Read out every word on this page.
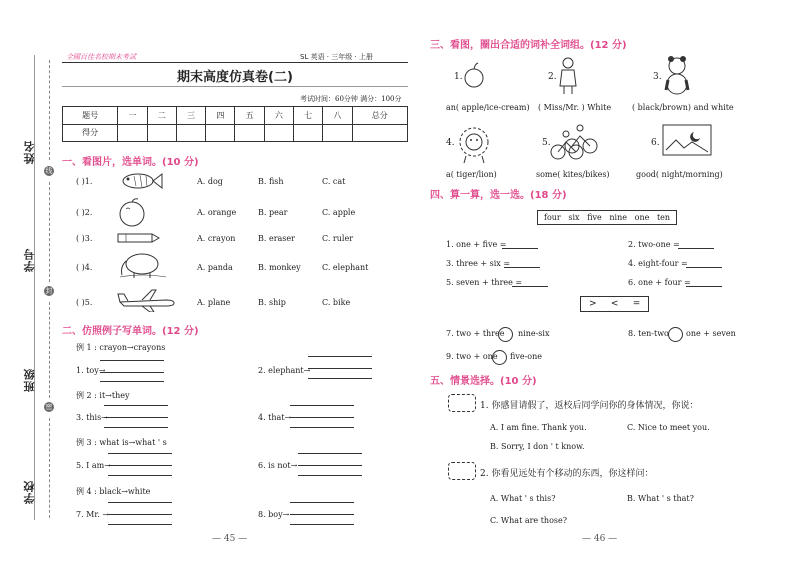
姓名
学号
班级
学校
线
封
密
全國百佳名校期末考試	SL 英语 · 三年级 · 上册
期末高度仿真卷(二)
考试时间：60分钟 满分：100分
题号	一	二	三	四	五	六	七	八	总分
得分									
一、看图片，选单词。(10 分)
( )1.	A. dog	B. fish	C. cat
( )2.	A. orange	B. pear	C. apple
( )3.	A. crayon	B. eraser	C. ruler
( )4.	A. panda	B. monkey	C. elephant
( )5.	A. plane	B. ship	C. bike
二、仿照例子写单词。(12 分)
例 1 : crayon→crayons
1. toy→	2. elephant→
例 2 : it→they
3. this→	4. that→
例 3 : what is→what ' s
5. I am→	6. is not→
例 4 : black→white
7. Mr. →	8. boy→
— 45 —
三、看图，圈出合适的词补全词组。(12 分)
1.
an( apple/ice-cream)
2.
( Miss/Mr. ) White
3.
( black/brown) and white
4.
a( tiger/lion)
5.
some( kites/bikes)
6.
good( night/morning)
四、算一算，选一选。(18 分)
four   six   five   nine   one   ten
1. one + five =	2. two-one =
3. three + six =	4. eight-four =
5. seven + three =	6. one + four =
>     <     =
7. two + three nine-six	8. ten-two one + seven
9. two + one five-one
五、情景选择。(10 分)
1. 你感冒请假了，返校后同学问你的身体情况，你说：
A. I am fine. Thank you.	C. Nice to meet you.
B. Sorry, I don ' t know.
2. 你看见远处有个移动的东西，你这样问：
A. What ' s this?	B. What ' s that?
C. What are those?
— 46 —
